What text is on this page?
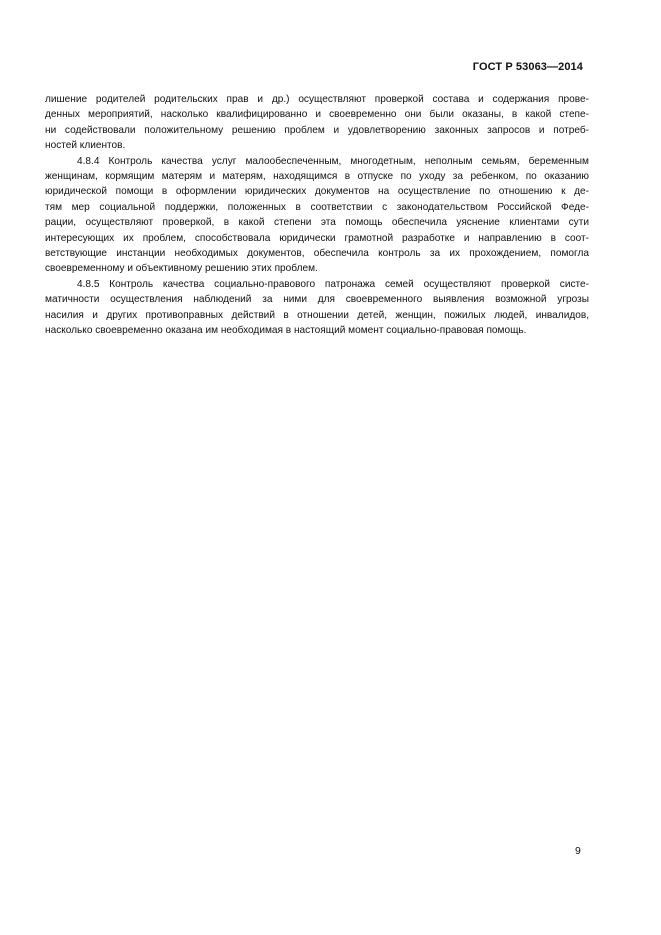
ГОСТ Р 53063—2014
лишение родителей родительских прав и др.) осуществляют проверкой состава и содержания прове-
денных мероприятий, насколько квалифицированно и своевременно они были оказаны, в какой степе-
ни содействовали положительному решению проблем и удовлетворению законных запросов и потреб-
ностей клиентов.
4.8.4 Контроль качества услуг малообеспеченным, многодетным, неполным семьям, беременным
женщинам, кормящим матерям и матерям, находящимся в отпуске по уходу за ребенком, по оказанию
юридической помощи в оформлении юридических документов на осуществление по отношению к де-
тям мер социальной поддержки, положенных в соответствии с законодательством Российской Феде-
рации, осуществляют проверкой, в какой степени эта помощь обеспечила уяснение клиентами сути
интересующих их проблем, способствовала юридически грамотной разработке и направлению в соот-
ветствующие инстанции необходимых документов, обеспечила контроль за их прохождением, помогла
своевременному и объективному решению этих проблем.
4.8.5 Контроль качества социально-правового патронажа семей осуществляют проверкой систе-
матичности осуществления наблюдений за ними для своевременного выявления возможной угрозы
насилия и других противоправных действий в отношении детей, женщин, пожилых людей, инвалидов,
насколько своевременно оказана им необходимая в настоящий момент социально-правовая помощь.
9
